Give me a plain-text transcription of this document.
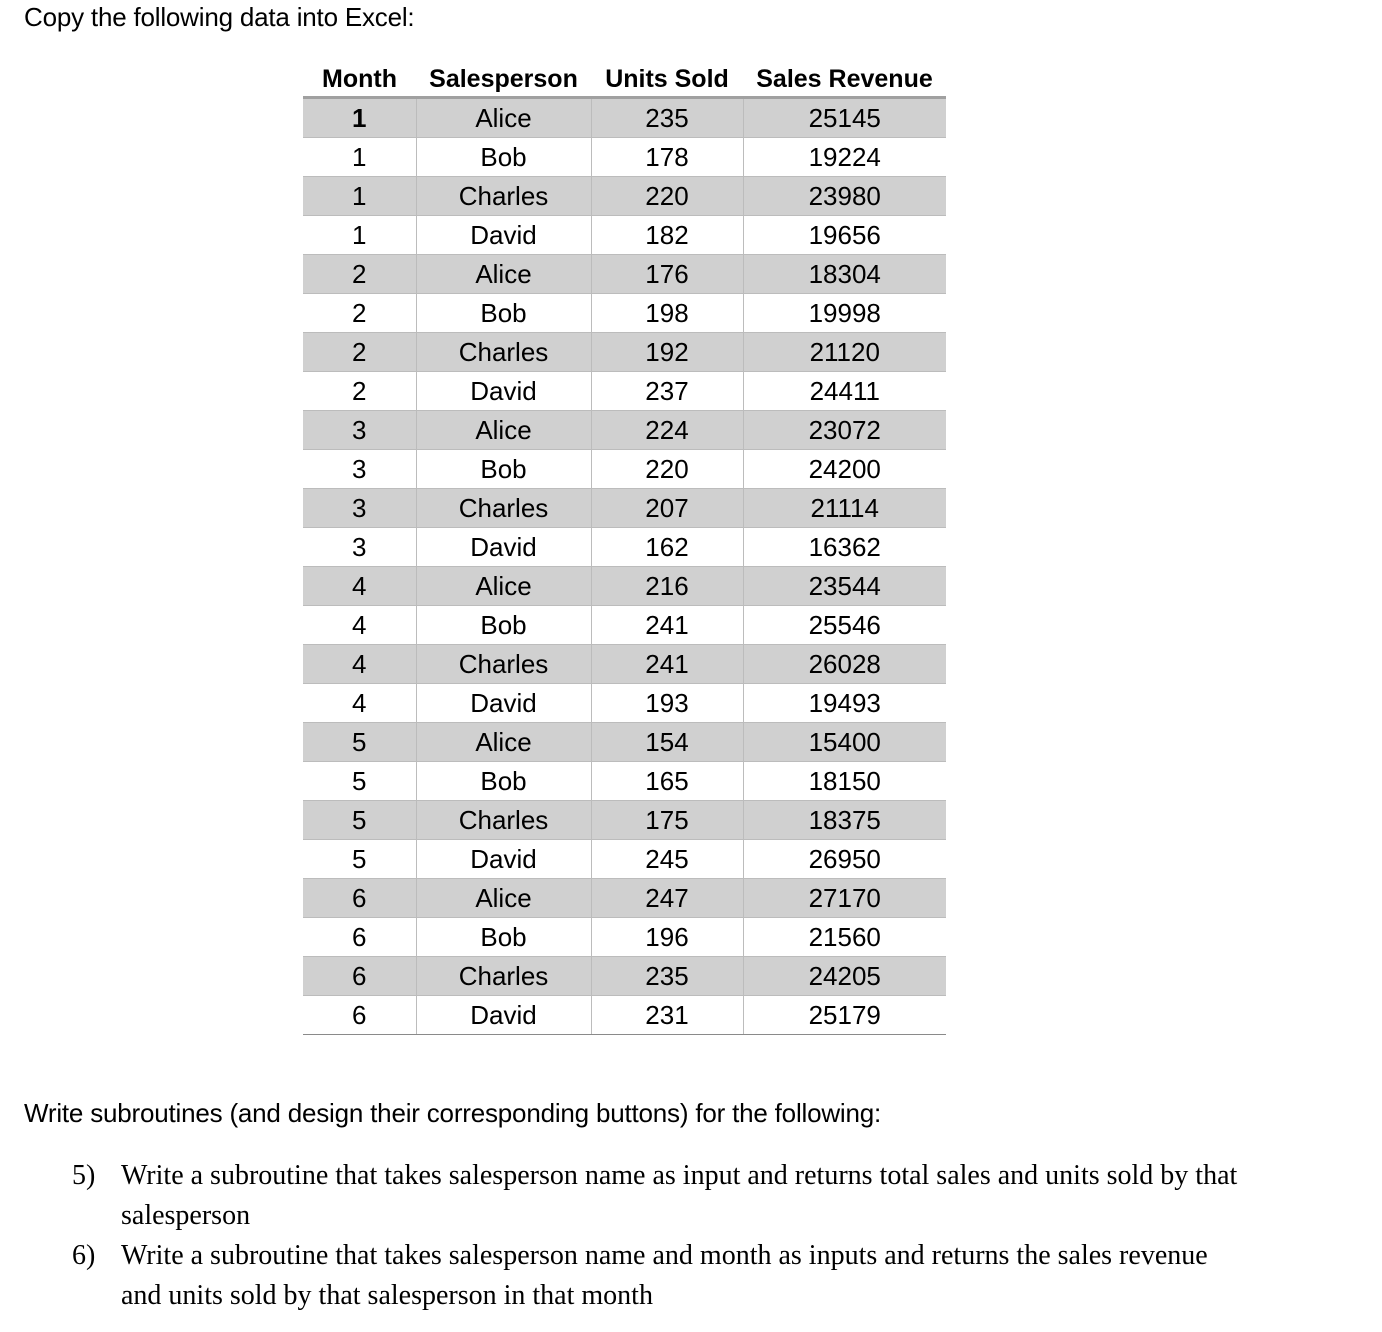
Copy the following data into Excel:
Month	Salesperson	Units Sold	Sales Revenue
1	Alice	235	25145
1	Bob	178	19224
1	Charles	220	23980
1	David	182	19656
2	Alice	176	18304
2	Bob	198	19998
2	Charles	192	21120
2	David	237	24411
3	Alice	224	23072
3	Bob	220	24200
3	Charles	207	21114
3	David	162	16362
4	Alice	216	23544
4	Bob	241	25546
4	Charles	241	26028
4	David	193	19493
5	Alice	154	15400
5	Bob	165	18150
5	Charles	175	18375
5	David	245	26950
6	Alice	247	27170
6	Bob	196	21560
6	Charles	235	24205
6	David	231	25179
Write subroutines (and design their corresponding buttons) for the following:
5) Write a subroutine that takes salesperson name as input and returns total sales and units sold by that salesperson
6) Write a subroutine that takes salesperson name and month as inputs and returns the sales revenue and units sold by that salesperson in that month
